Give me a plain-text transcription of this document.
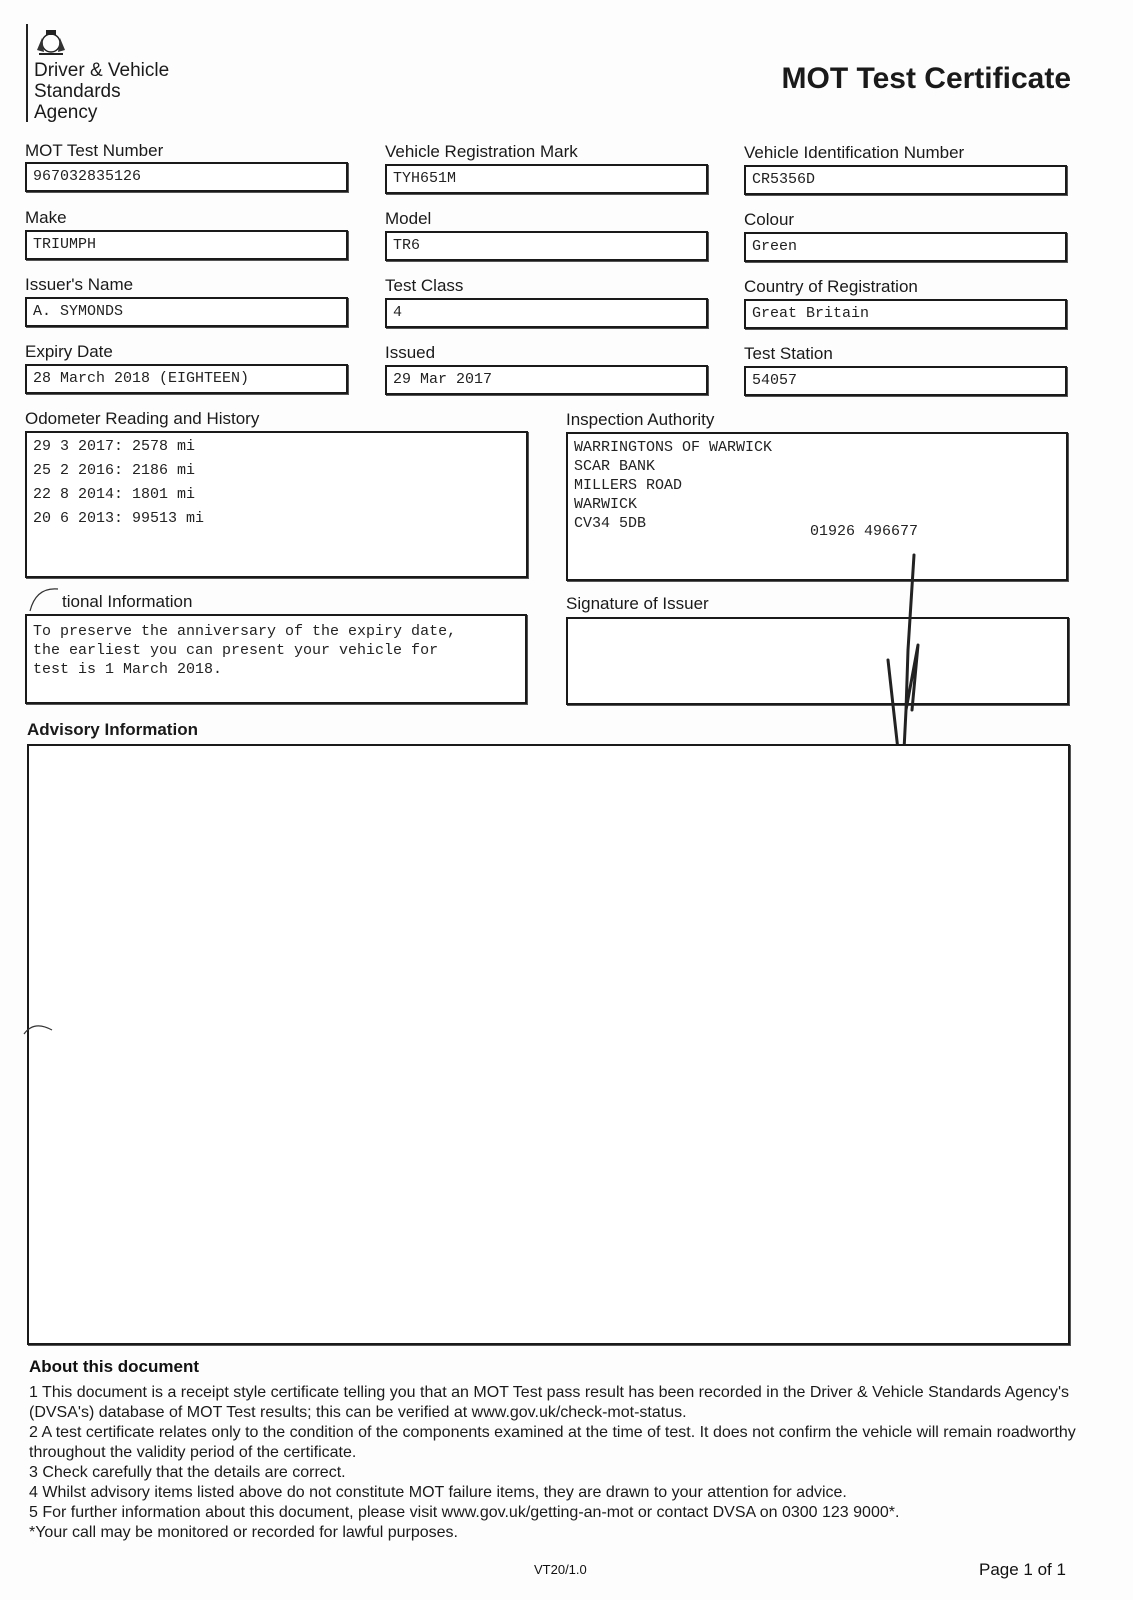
Driver & Vehicle
Standards
Agency
MOT Test Certificate
MOT Test Number
967032835126
Vehicle Registration Mark
TYH651M
Vehicle Identification Number
CR5356D
Make
TRIUMPH
Model
TR6
Colour
Green
Issuer's Name
A. SYMONDS
Test Class
4
Country of Registration
Great Britain
Expiry Date
28 March 2018 (EIGHTEEN)
Issued
29 Mar 2017
Test Station
54057
Odometer Reading and History
29 3 2017: 2578 mi
25 2 2016: 2186 mi
22 8 2014: 1801 mi
20 6 2013: 99513 mi
Inspection Authority
WARRINGTONS OF WARWICK
SCAR BANK
MILLERS ROAD
WARWICK
CV34 5DB	01926 496677
tional Information
To preserve the anniversary of the expiry date,
the earliest you can present your vehicle for
test is 1 March 2018.
Signature of Issuer
Advisory Information
About this document

1 This document is a receipt style certificate telling you that an MOT Test pass result has been recorded in the Driver & Vehicle Standards Agency's (DVSA's) database of MOT Test results; this can be verified at www.gov.uk/check-mot-status.

2 A test certificate relates only to the condition of the components examined at the time of test. It does not confirm the vehicle will remain roadworthy throughout the validity period of the certificate.

3 Check carefully that the details are correct.

4 Whilst advisory items listed above do not constitute MOT failure items, they are drawn to your attention for advice.

5 For further information about this document, please visit www.gov.uk/getting-an-mot or contact DVSA on 0300 123 9000*.

*Your call may be monitored or recorded for lawful purposes.

VT20/1.0	Page 1 of 1
